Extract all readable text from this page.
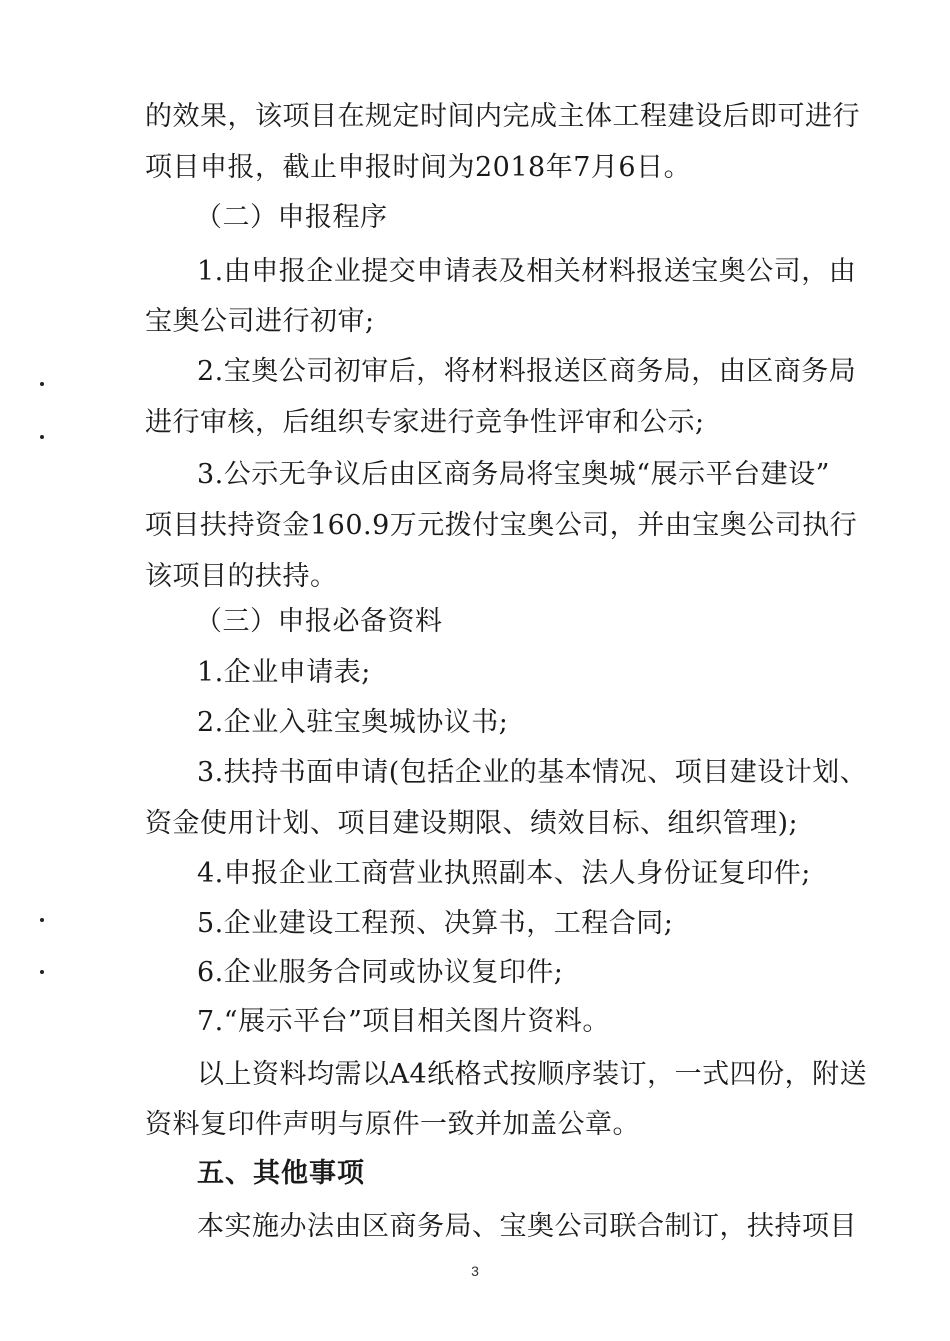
的效果，该项目在规定时间内完成主体工程建设后即可进行
项目申报，截止申报时间为2018年7月6日。
（二）申报程序
1.由申报企业提交申请表及相关材料报送宝奥公司，由
宝奥公司进行初审;
2.宝奥公司初审后，将材料报送区商务局，由区商务局
进行审核，后组织专家进行竞争性评审和公示;
3.公示无争议后由区商务局将宝奥城“展示平台建设”
项目扶持资金160.9万元拨付宝奥公司，并由宝奥公司执行
该项目的扶持。
（三）申报必备资料
1.企业申请表;
2.企业入驻宝奥城协议书;
3.扶持书面申请(包括企业的基本情况、项目建设计划、
资金使用计划、项目建设期限、绩效目标、组织管理);
4.申报企业工商营业执照副本、法人身份证复印件;
5.企业建设工程预、决算书，工程合同;
6.企业服务合同或协议复印件;
7.“展示平台”项目相关图片资料。
以上资料均需以A4纸格式按顺序装订，一式四份，附送
资料复印件声明与原件一致并加盖公章。
五、其他事项
本实施办法由区商务局、宝奥公司联合制订，扶持项目
3
